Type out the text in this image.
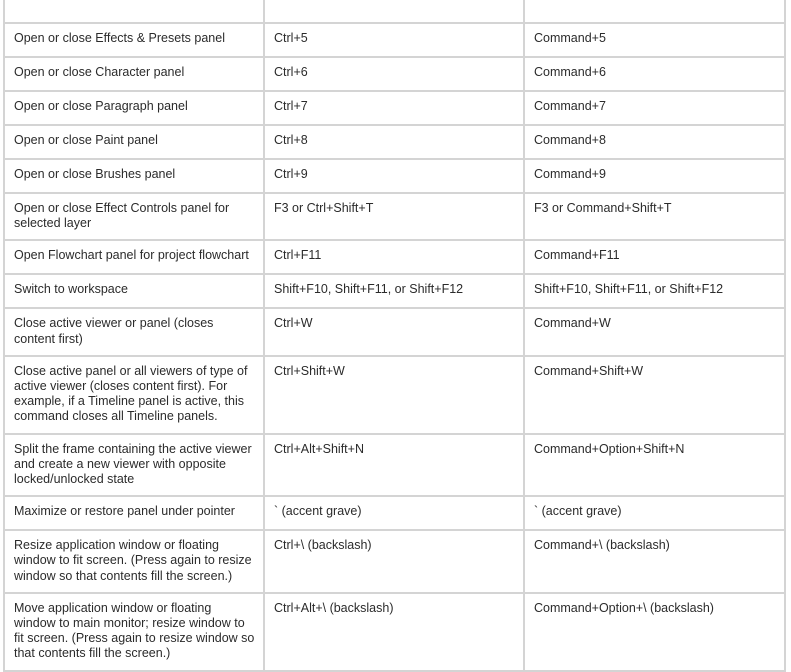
Open or close Effects & Presets panel	Ctrl+5	Command+5
Open or close Character panel	Ctrl+6	Command+6
Open or close Paragraph panel	Ctrl+7	Command+7
Open or close Paint panel	Ctrl+8	Command+8
Open or close Brushes panel	Ctrl+9	Command+9
Open or close Effect Controls panel for selected layer	F3 or Ctrl+Shift+T	F3 or Command+Shift+T
Open Flowchart panel for project flowchart	Ctrl+F11	Command+F11
Switch to workspace	Shift+F10, Shift+F11, or Shift+F12	Shift+F10, Shift+F11, or Shift+F12
Close active viewer or panel (closes content first)	Ctrl+W	Command+W
Close active panel or all viewers of type of active viewer (closes content first). For example, if a Timeline panel is active, this command closes all Timeline panels.	Ctrl+Shift+W	Command+Shift+W
Split the frame containing the active viewer and create a new viewer with opposite locked/unlocked state	Ctrl+Alt+Shift+N	Command+Option+Shift+N
Maximize or restore panel under pointer	` (accent grave)	` (accent grave)
Resize application window or floating window to fit screen. (Press again to resize window so that contents fill the screen.)	Ctrl+\ (backslash)	Command+\ (backslash)
Move application window or floating window to main monitor; resize window to fit screen. (Press again to resize window so that contents fill the screen.)	Ctrl+Alt+\ (backslash)	Command+Option+\ (backslash)
